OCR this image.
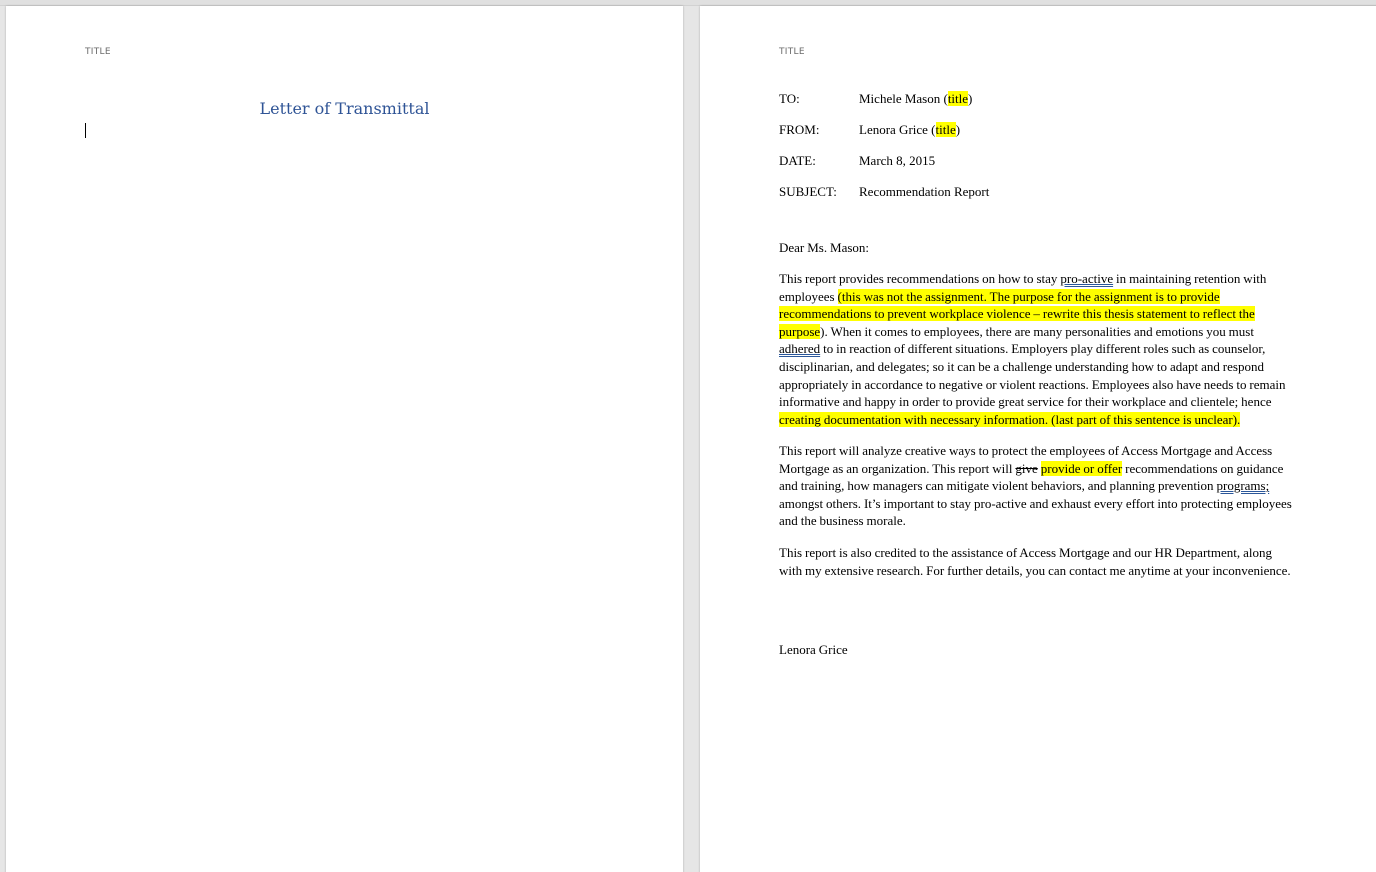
TITLE
Letter of Transmittal
TITLE
TO:	Michele Mason (title)
FROM:	Lenora Grice (title)
DATE:	March 8, 2015
SUBJECT: Recommendation Report
Dear Ms. Mason:

This report provides recommendations on how to stay pro-active in maintaining retention with employees (this was not the assignment. The purpose for the assignment is to provide recommendations to prevent workplace violence – rewrite this thesis statement to reflect the purpose). When it comes to employees, there are many personalities and emotions you must adhered to in reaction of different situations. Employers play different roles such as counselor, disciplinarian, and delegates; so it can be a challenge understanding how to adapt and respond appropriately in accordance to negative or violent reactions. Employees also have needs to remain informative and happy in order to provide great service for their workplace and clientele; hence creating documentation with necessary information. (last part of this sentence is unclear).

This report will analyze creative ways to protect the employees of Access Mortgage and Access Mortgage as an organization. This report will give provide or offer recommendations on guidance and training, how managers can mitigate violent behaviors, and planning prevention programs; amongst others. It’s important to stay pro-active and exhaust every effort into protecting employees and the business morale.

This report is also credited to the assistance of Access Mortgage and our HR Department, along with my extensive research. For further details, you can contact me anytime at your inconvenience.
Lenora Grice
